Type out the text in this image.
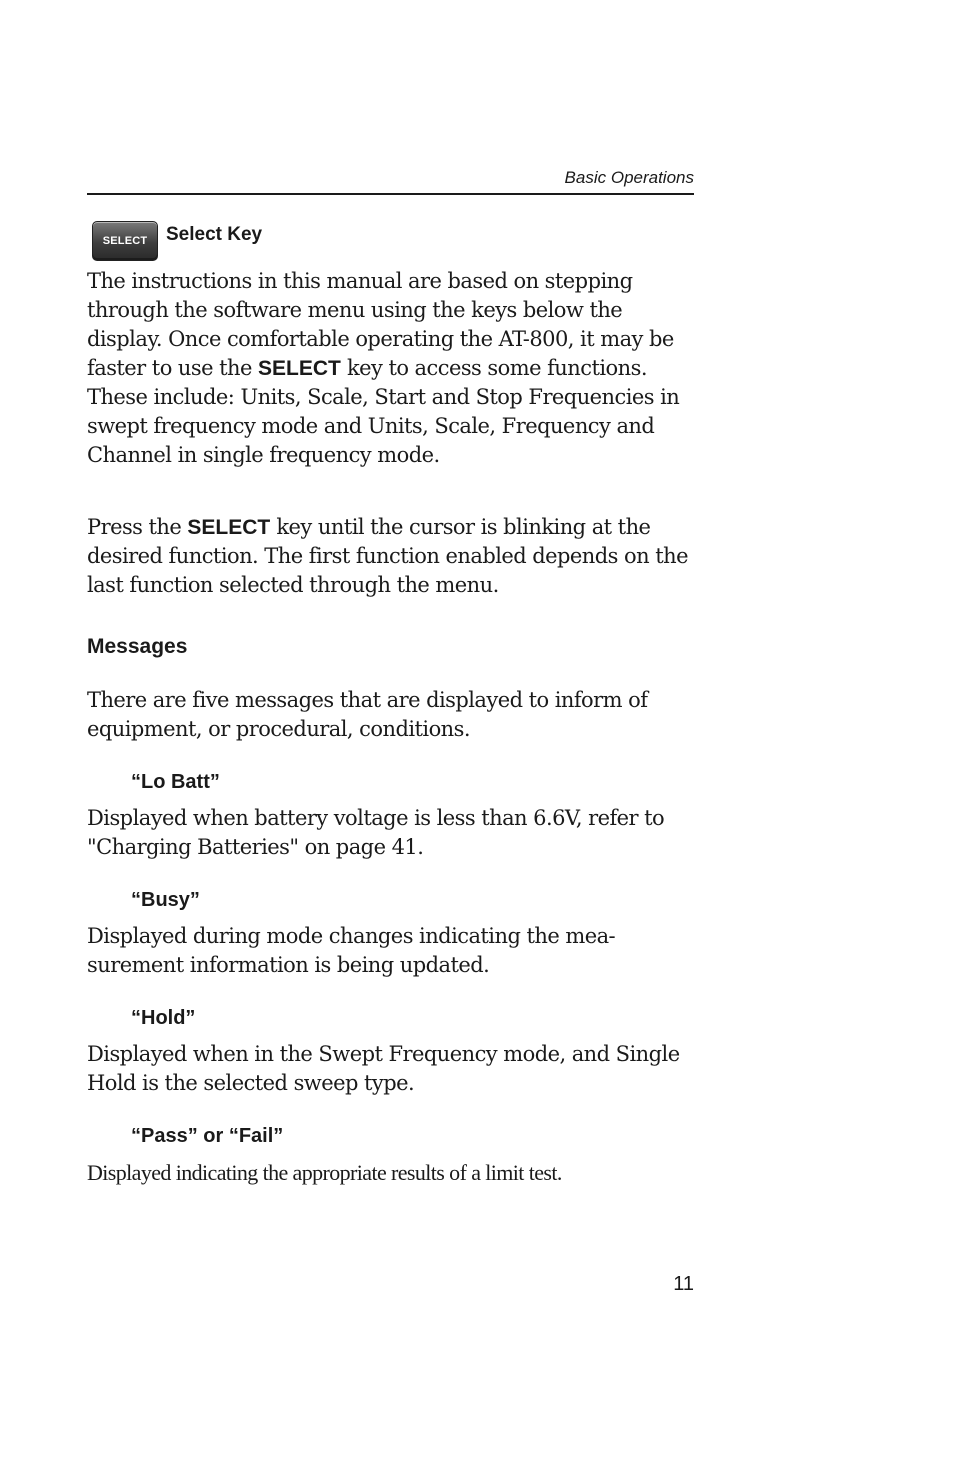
Basic Operations
SELECT Select Key

The instructions in this manual are based on stepping through the software menu using the keys below the display. Once comfortable operating the AT-800, it may be faster to use the SELECT key to access some functions. These include: Units, Scale, Start and Stop Frequencies in swept frequency mode and Units, Scale, Frequency and Channel in single frequency mode.

Press the SELECT key until the cursor is blinking at the desired function. The first function enabled depends on the last function selected through the menu.

Messages

There are five messages that are displayed to inform of equipment, or procedural, conditions.

“Lo Batt”

Displayed when battery voltage is less than 6.6V, refer to "Charging Batteries" on page 41.

“Busy”

Displayed during mode changes indicating the mea-surement information is being updated.

“Hold”

Displayed when in the Swept Frequency mode, and Single Hold is the selected sweep type.

“Pass” or “Fail”

Displayed indicating the appropriate results of a limit test.

11
